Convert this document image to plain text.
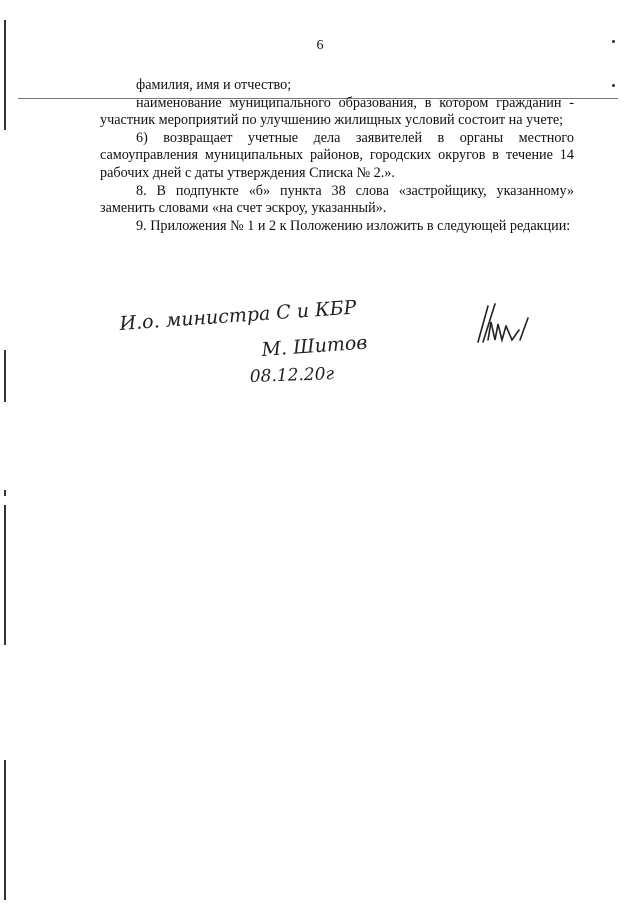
6

фамилия, имя и отчество;

наименование муниципального образования, в котором гражданин - участник мероприятий по улучшению жилищных условий состоит на учете;

6) возвращает учетные дела заявителей в органы местного самоуправления муниципальных районов, городских округов в течение 14 рабочих дней с даты утверждения Списка № 2.».

8. В подпункте «б» пункта 38 слова «застройщику, указанному» заменить словами «на счет эскроу, указанный».

9. Приложения № 1 и 2 к Положению изложить в следующей редакции:

И.о. министра С и КБР
М. Шитов
08.12.20г
